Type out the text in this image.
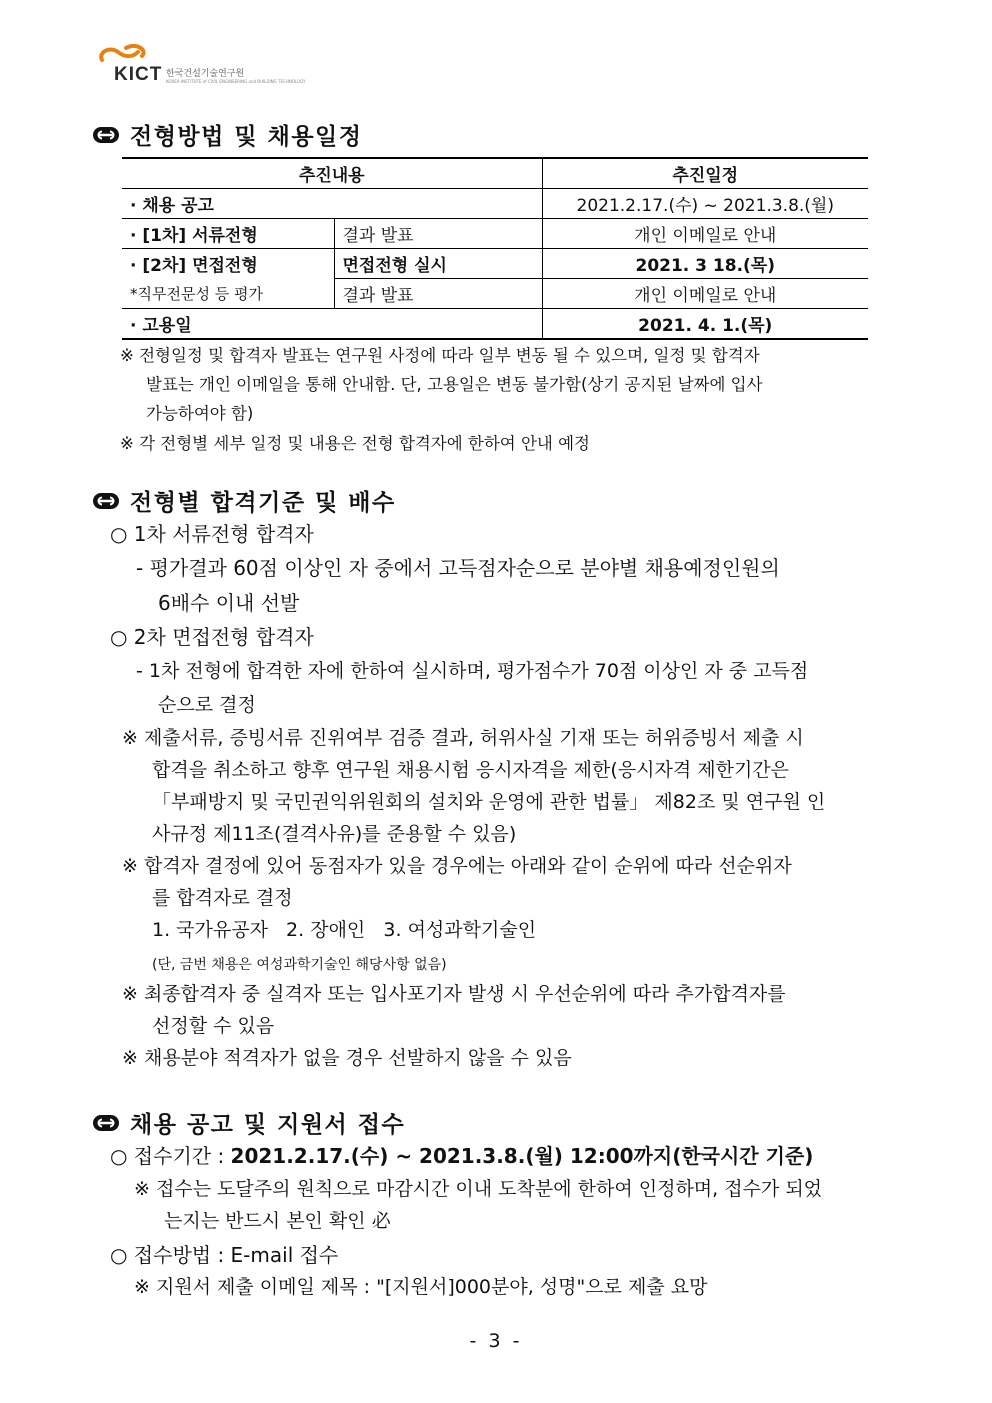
KICT 한국건설기술연구원
KOREA INSTITUTE of CIVIL ENGINEERING and BUILDING TECHNOLOGY
전형방법 및 채용일정
추진내용		추진일정
· 채용 공고		2021.2.17.(수) ~ 2021.3.8.(월)
· [1차] 서류전형	결과 발표	개인 이메일로 안내
· [2차] 면접전형	면접전형 실시	2021. 3 18.(목)
*직무전문성 등 평가	결과 발표	개인 이메일로 안내
· 고용일		2021. 4. 1.(목)
※ 전형일정 및 합격자 발표는 연구원 사정에 따라 일부 변동 될 수 있으며, 일정 및 합격자
발표는 개인 이메일을 통해 안내함. 단, 고용일은 변동 불가함(상기 공지된 날짜에 입사
가능하여야 함)
※ 각 전형별 세부 일정 및 내용은 전형 합격자에 한하여 안내 예정
전형별 합격기준 및 배수
○ 1차 서류전형 합격자
- 평가결과 60점 이상인 자 중에서 고득점자순으로 분야별 채용예정인원의
6배수 이내 선발
○ 2차 면접전형 합격자
- 1차 전형에 합격한 자에 한하여 실시하며, 평가점수가 70점 이상인 자 중 고득점
순으로 결정
※ 제출서류, 증빙서류 진위여부 검증 결과, 허위사실 기재 또는 허위증빙서 제출 시
합격을 취소하고 향후 연구원 채용시험 응시자격을 제한(응시자격 제한기간은
「부패방지 및 국민권익위원회의 설치와 운영에 관한 법률」 제82조 및 연구원 인
사규정 제11조(결격사유)를 준용할 수 있음)
※ 합격자 결정에 있어 동점자가 있을 경우에는 아래와 같이 순위에 따라 선순위자
를 합격자로 결정
1. 국가유공자   2. 장애인   3. 여성과학기술인
(단, 금번 채용은 여성과학기술인 해당사항 없음)
※ 최종합격자 중 실격자 또는 입사포기자 발생 시 우선순위에 따라 추가합격자를
선정할 수 있음
※ 채용분야 적격자가 없을 경우 선발하지 않을 수 있음
채용 공고 및 지원서 접수
○ 접수기간 : 2021.2.17.(수) ~ 2021.3.8.(월) 12:00까지(한국시간 기준)
※ 접수는 도달주의 원칙으로 마감시간 이내 도착분에 한하여 인정하며, 접수가 되었
는지는 반드시 본인 확인 必
○ 접수방법 : E-mail 접수
※ 지원서 제출 이메일 제목 : "[지원서]000분야, 성명"으로 제출 요망
- 3 -
